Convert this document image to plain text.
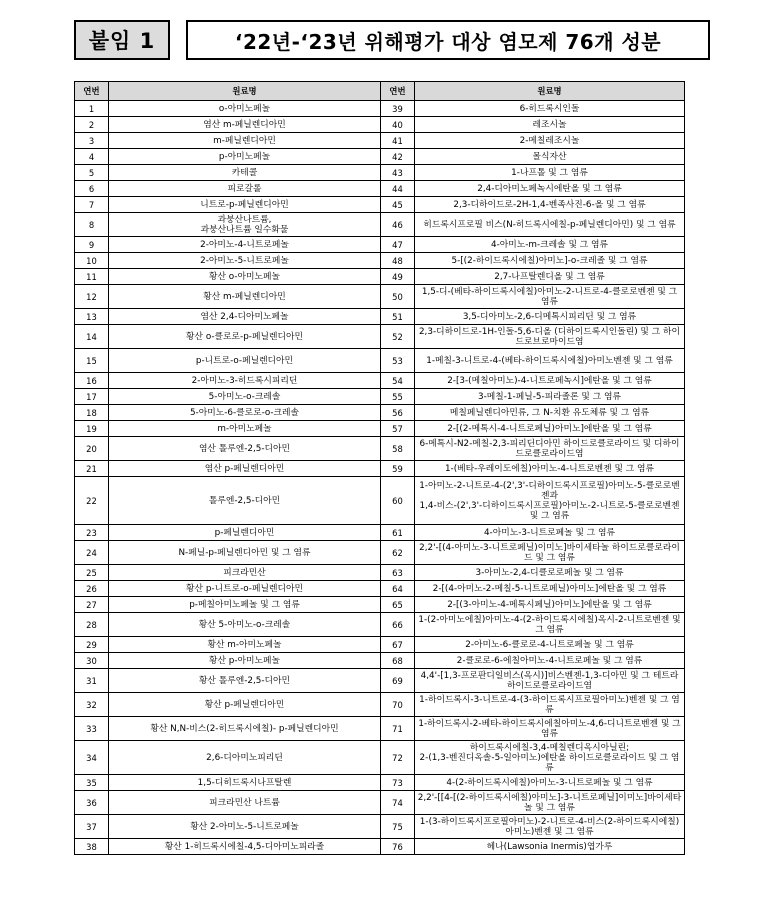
붙임 1	‘22년-‘23년 위해평가 대상 염모제 76개 성분
연번	원료명	연번	원료명
1	o-아미노페놀	39	6-히드록시인돌
2	염산 m-페닐렌디아민	40	레조시놀
3	m-페닐렌디아민	41	2-메칠레조시놀
4	p-아미노페놀	42	몰식자산
5	카테콜	43	1-나프톨 및 그 염류
6	피로갈롤	44	2,4-디아미노페녹시에탄올 및 그 염류
7	니트로-p-페닐렌디아민	45	2,3-디하이드로-2H-1,4-벤족사진-6-올 및 그 염류
8	과붕산나트륨,
과붕산나트륨 일수화물	46	히드록시프로필 비스(N-히드록시에칠-p-페닐렌디아민) 및 그 염류
9	2-아미노-4-니트로페놀	47	4-아미노-m-크레솔 및 그 염류
10	2-아미노-5-니트로페놀	48	5-[(2-하이드록시에칠)아미노]-o-크레졸 및 그 염류
11	황산 o-아미노페놀	49	2,7-나프탈렌디올 및 그 염류
12	황산 m-페닐렌디아민	50	1,5-디-(베타-하이드록시에칠)아미노-2-니트로-4-클로로벤젠 및 그 염류
13	염산 2,4-디아미노페놀	51	3,5-디아미노-2,6-디메톡시피리딘 및 그 염류
14	황산 o-클로로-p-페닐렌디아민	52	2,3-디하이드로-1H-인돌-5,6-디올 (디하이드록시인돌린) 및 그 하이드로브로마이드염
15	p-니트로-o-페닐렌디아민	53	1-메칠-3-니트로-4-(베타-하이드록시에칠)아미노벤젠 및 그 염류
16	2-아미노-3-히드록시피리딘	54	2-[3-(메칠아미노)-4-니트로페녹시]에탄올 및 그 염류
17	5-아미노-o-크레솔	55	3-메칠-1-페닐-5-피라졸론 및 그 염류
18	5-아미노-6-클로로-o-크레솔	56	메칠페닐렌디아민류, 그 N-치환 유도체류 및 그 염류
19	m-아미노페놀	57	2-[(2-메톡시-4-니트로페닐)아미노]에탄올 및 그 염류
20	염산 톨루엔-2,5-디아민	58	6-메톡시-N2-메칠-2,3-피리딘디아민 하이드로클로라이드 및 디하이드로클로라이드염
21	염산 p-페닐렌디아민	59	1-(베타-우레이도에칠)아미노-4-니트로벤젠 및 그 염류
22	톨루엔-2,5-디아민	60	1-아미노-2-니트로-4-(2',3'-디하이드록시프로필)아미노-5-클로로벤젠과
1,4-비스-(2',3'-디하이드록시프로필)아미노-2-니트로-5-클로로벤젠 및 그 염류
23	p-페닐렌디아민	61	4-아미노-3-니트로페놀 및 그 염류
24	N-페닐-p-페닐렌디아민 및 그 염류	62	2,2'-[(4-아미노-3-니트로페닐)이미노]바이세타놀 하이드로클로라이드 및 그 염류
25	피크라민산	63	3-아미노-2,4-디클로로페놀 및 그 염류
26	황산 p-니트로-o-페닐렌디아민	64	2-[(4-아미노-2-메칠-5-니트로페닐)아미노]에탄올 및 그 염류
27	p-메칠아미노페놀 및 그 염류	65	2-[(3-아미노-4-메톡시페닐)아미노]에탄올 및 그 염류
28	황산 5-아미노-o-크레솔	66	1-(2-아미노에칠)아미노-4-(2-하이드록시에칠)옥시-2-니트로벤젠 및 그 염류
29	황산 m-아미노페놀	67	2-아미노-6-클로로-4-니트로페놀 및 그 염류
30	황산 p-아미노페놀	68	2-클로로-6-에칠아미노-4-니트로페놀 및 그 염류
31	황산 톨루엔-2,5-디아민	69	4,4'-[1,3-프로판디일비스(옥시)]비스벤젠-1,3-디아민 및 그 테트라하이드로클로라이드염
32	황산 p-페닐렌디아민	70	1-하이드록시-3-니트로-4-(3-하이드록시프로필아미노)벤젠 및 그 염류
33	황산 N,N-비스(2-히드록시에칠)- p-페닐렌디아민	71	1-하이드록시-2-베타-하이드록시에칠아미노-4,6-디니트로벤젠 및 그 염류
34	2,6-디아미노피리딘	72	하이드록시에칠-3,4-메칠렌디옥시아닐린;
2-(1,3-벤진디옥솔-5-일아미노)에탄올 하이드로클로라이드 및 그 염류
35	1,5-디히드록시나프탈렌	73	4-(2-하이드록시에칠)아미노-3-니트로페놀 및 그 염류
36	피크라민산 나트륨	74	2,2'-[[4-[(2-하이드록시에칠)아미노]-3-니트로페닐]이미노]바이세타놀 및 그 염류
37	황산 2-아미노-5-니트로페놀	75	1-(3-하이드록시프로필아미노)-2-니트로-4-비스(2-하이드록시에칠)아미노)벤젠 및 그 염류
38	황산 1-히드록시에칠-4,5-디아미노피라졸	76	헤나(Lawsonia Inermis)엽가루
